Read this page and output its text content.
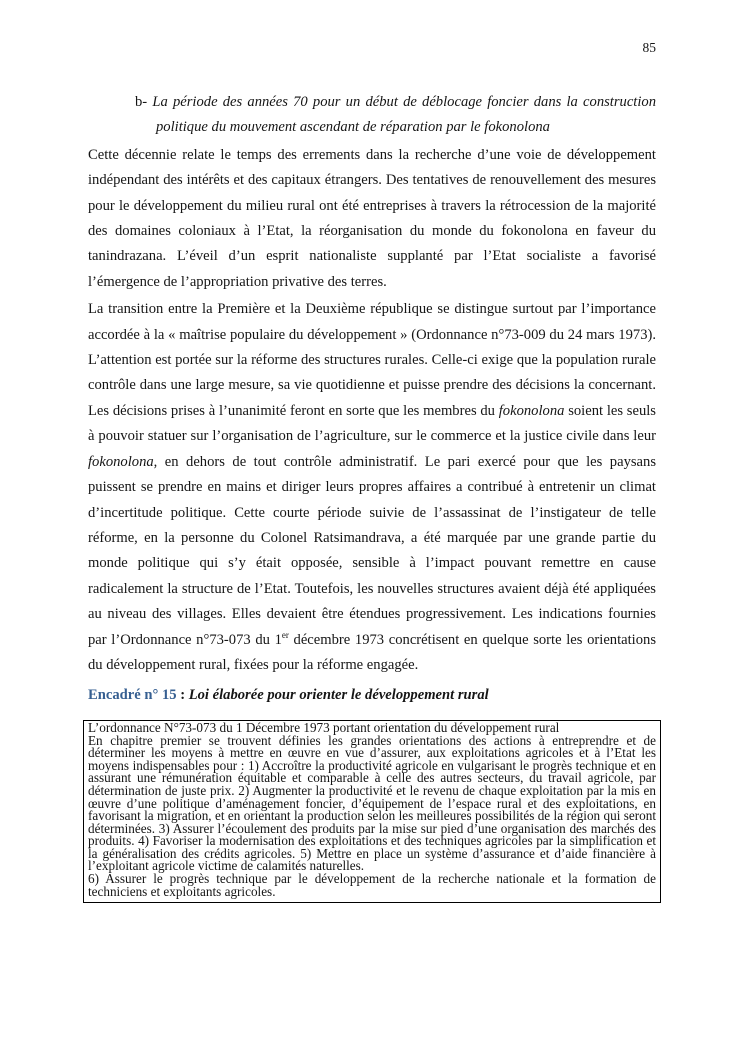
85

b- La période des années 70 pour un début de déblocage foncier dans la construction politique du mouvement ascendant de réparation par le fokonolona

Cette décennie relate le temps des errements dans la recherche d’une voie de développement indépendant des intérêts et des capitaux étrangers. Des tentatives de renouvellement des mesures pour le développement du milieu rural ont été entreprises à travers la rétrocession de la majorité des domaines coloniaux à l’Etat, la réorganisation du monde du fokonolona en faveur du tanindrazana. L’éveil d’un esprit nationaliste supplanté par l’Etat socialiste a favorisé l’émergence de l’appropriation privative des terres.

La transition entre la Première et la Deuxième république se distingue surtout par l’importance accordée à la « maîtrise populaire du développement » (Ordonnance n°73-009 du 24 mars 1973). L’attention est portée sur la réforme des structures rurales. Celle-ci exige que la population rurale contrôle dans une large mesure, sa vie quotidienne et puisse prendre des décisions la concernant. Les décisions prises à l’unanimité feront en sorte que les membres du fokonolona soient les seuls à pouvoir statuer sur l’organisation de l’agriculture, sur le commerce et la justice civile dans leur fokonolona, en dehors de tout contrôle administratif. Le pari exercé pour que les paysans puissent se prendre en mains et diriger leurs propres affaires a contribué à entretenir un climat d’incertitude politique. Cette courte période suivie de l’assassinat de l’instigateur de telle réforme, en la personne du Colonel Ratsimandrava, a été marquée par une grande partie du monde politique qui s’y était opposée, sensible à l’impact pouvant remettre en cause radicalement la structure de l’Etat. Toutefois, les nouvelles structures avaient déjà été appliquées au niveau des villages. Elles devaient être étendues progressivement. Les indications fournies par l’Ordonnance n°73-073 du 1er décembre 1973 concrétisent en quelque sorte les orientations du développement rural, fixées pour la réforme engagée.

Encadré n° 15 : Loi élaborée pour orienter le développement rural

L’ordonnance N°73-073 du 1 Décembre 1973 portant orientation du développement rural

En chapitre premier se trouvent définies les grandes orientations des actions à entreprendre et de déterminer les moyens à mettre en œuvre en vue d’assurer, aux exploitations agricoles et à l’Etat les moyens indispensables pour : 1) Accroître la productivité agricole en vulgarisant le progrès technique et en assurant une rémunération équitable et comparable à celle des autres secteurs, du travail agricole, par détermination de juste prix. 2) Augmenter la productivité et le revenu de chaque exploitation par la mis en œuvre d’une politique d’aménagement foncier, d’équipement de l’espace rural et des exploitations, en favorisant la migration, et en orientant la production selon les meilleures possibilités de la région qui seront déterminées. 3) Assurer l’écoulement des produits par la mise sur pied d’une organisation des marchés des produits. 4) Favoriser la modernisation des exploitations et des techniques agricoles par la simplification et la généralisation des crédits agricoles. 5) Mettre en place un système d’assurance et d’aide financière à l’exploitant agricole victime de calamités naturelles.

6) Assurer le progrès technique par le développement de la recherche nationale et la formation de techniciens et exploitants agricoles.
